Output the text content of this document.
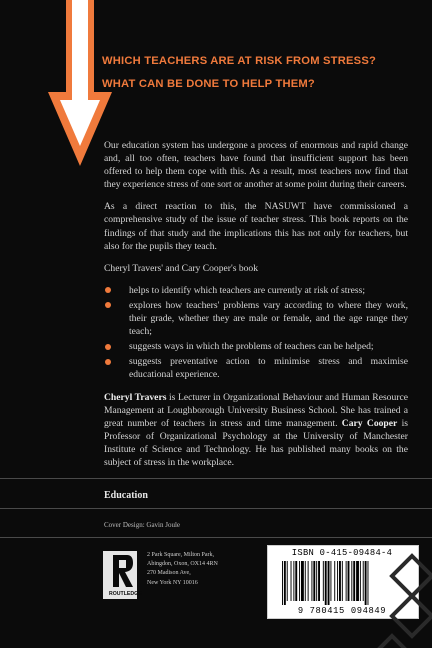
WHICH TEACHERS ARE AT RISK FROM STRESS?
WHAT CAN BE DONE TO HELP THEM?

Our education system has undergone a process of enormous and rapid change and, all too often, teachers have found that insufficient support has been offered to help them cope with this. As a result, most teachers now find that they experience stress of one sort or another at some point during their careers.

As a direct reaction to this, the NASUWT have commissioned a comprehensive study of the issue of teacher stress. This book reports on the findings of that study and the implications this has not only for teachers, but also for the pupils they teach.

Cheryl Travers' and Cary Cooper's book

helps to identify which teachers are currently at risk of stress;
explores how teachers' problems vary according to where they work, their grade, whether they are male or female, and the age range they teach;
suggests ways in which the problems of teachers can be helped;
suggests preventative action to minimise stress and maximise educational experience.

Cheryl Travers is Lecturer in Organizational Behaviour and Human Resource Management at Loughborough University Business School. She has trained a great number of teachers in stress and time management. Cary Cooper is Professor of Organizational Psychology at the University of Manchester Institute of Science and Technology. He has published many books on the subject of stress in the workplace.

Education
Cover Design: Gavin Joule
ROUTLEDGE
2 Park Square, Milton Park,
Abingdon, Oxon, OX14 4RN
270 Madison Ave,
New York NY 10016
ISBN 0-415-09484-4
9 780415 094849
